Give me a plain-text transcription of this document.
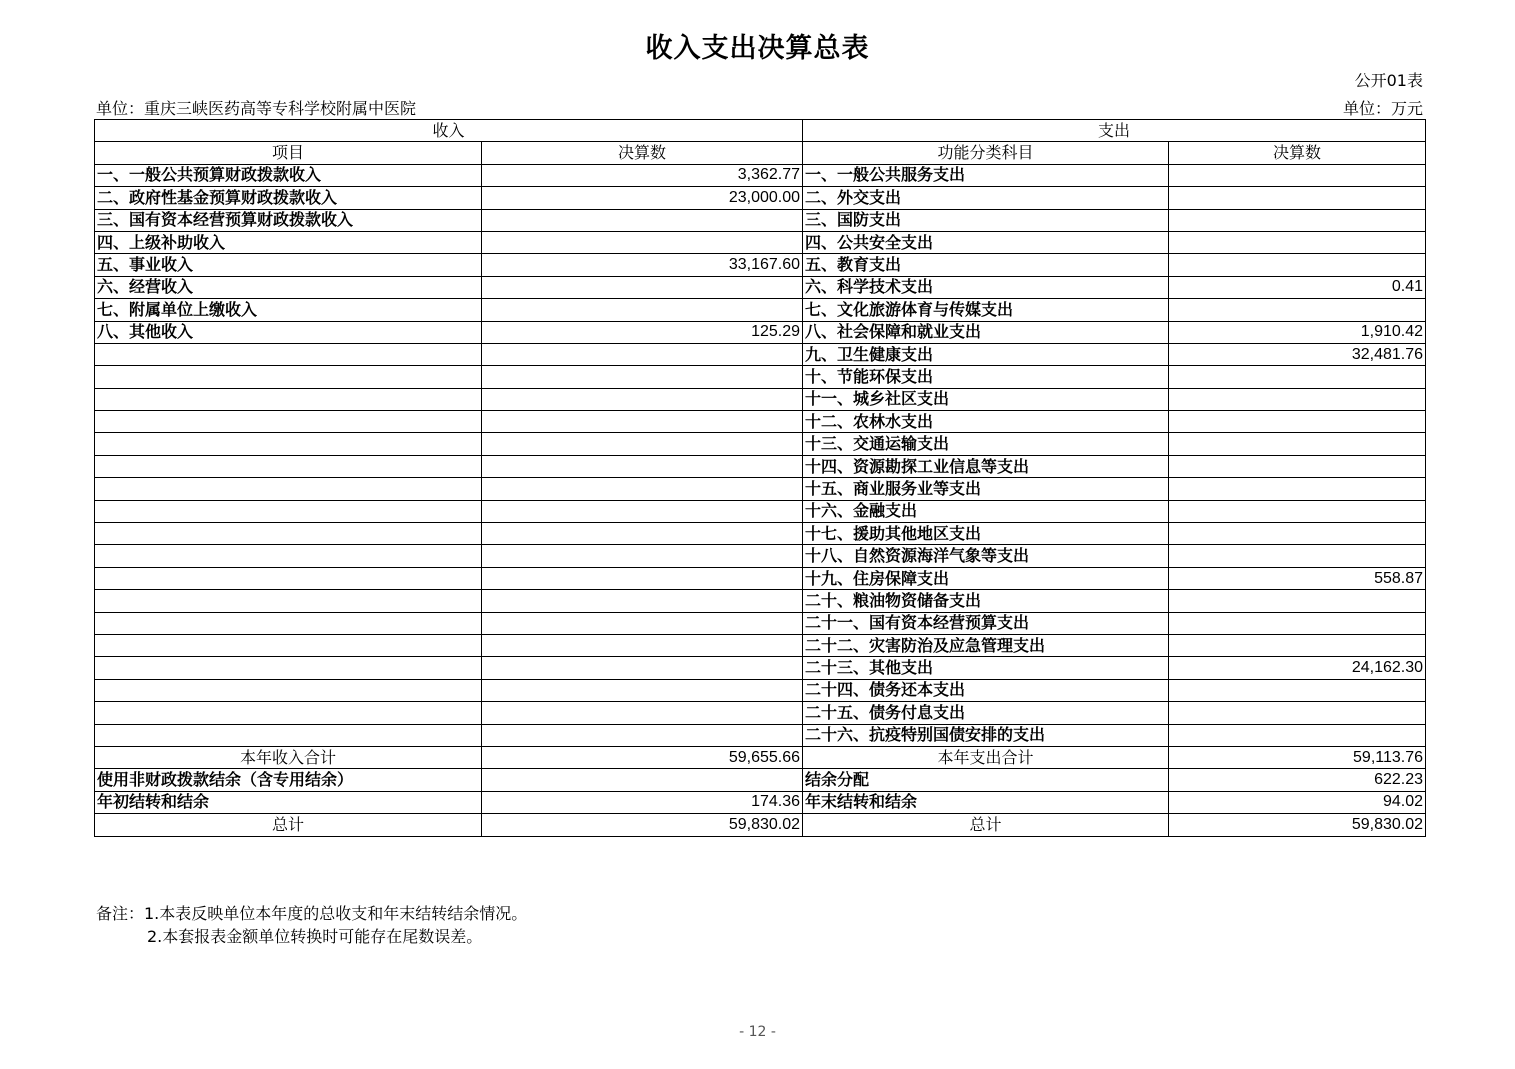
收入支出决算总表
公开01表
单位：重庆三峡医药高等专科学校附属中医院	单位：万元
收入		支出	
项目	决算数	功能分类科目	决算数
一、一般公共预算财政拨款收入	3,362.77	一、一般公共服务支出	
二、政府性基金预算财政拨款收入	23,000.00	二、外交支出	
三、国有资本经营预算财政拨款收入		三、国防支出	
四、上级补助收入		四、公共安全支出	
五、事业收入	33,167.60	五、教育支出	
六、经营收入		六、科学技术支出	0.41
七、附属单位上缴收入		七、文化旅游体育与传媒支出	
八、其他收入	125.29	八、社会保障和就业支出	1,910.42
		九、卫生健康支出	32,481.76
		十、节能环保支出	
		十一、城乡社区支出	
		十二、农林水支出	
		十三、交通运输支出	
		十四、资源勘探工业信息等支出	
		十五、商业服务业等支出	
		十六、金融支出	
		十七、援助其他地区支出	
		十八、自然资源海洋气象等支出	
		十九、住房保障支出	558.87
		二十、粮油物资储备支出	
		二十一、国有资本经营预算支出	
		二十二、灾害防治及应急管理支出	
		二十三、其他支出	24,162.30
		二十四、债务还本支出	
		二十五、债务付息支出	
		二十六、抗疫特别国债安排的支出	
本年收入合计	59,655.66	本年支出合计	59,113.76
使用非财政拨款结余（含专用结余）		结余分配	622.23
年初结转和结余	174.36	年末结转和结余	94.02
总计	59,830.02	总计	59,830.02
备注：1.本表反映单位本年度的总收支和年末结转结余情况。
2.本套报表金额单位转换时可能存在尾数误差。
- 12 -
